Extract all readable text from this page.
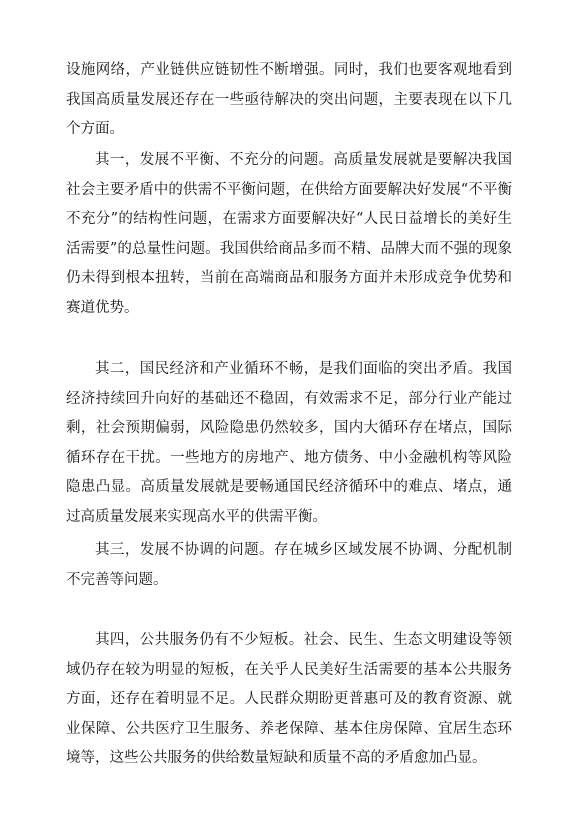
设施网络，产业链供应链韧性不断增强。同时，我们也要客观地看到我国高质量发展还存在一些亟待解决的突出问题，主要表现在以下几个方面。

其一，发展不平衡、不充分的问题。高质量发展就是要解决我国社会主要矛盾中的供需不平衡问题，在供给方面要解决好发展“不平衡不充分”的结构性问题，在需求方面要解决好“人民日益增长的美好生活需要”的总量性问题。我国供给商品多而不精、品牌大而不强的现象仍未得到根本扭转，当前在高端商品和服务方面并未形成竞争优势和赛道优势。

其二，国民经济和产业循环不畅，是我们面临的突出矛盾。我国经济持续回升向好的基础还不稳固，有效需求不足，部分行业产能过剩，社会预期偏弱，风险隐患仍然较多，国内大循环存在堵点，国际循环存在干扰。一些地方的房地产、地方债务、中小金融机构等风险隐患凸显。高质量发展就是要畅通国民经济循环中的难点、堵点，通过高质量发展来实现高水平的供需平衡。

其三，发展不协调的问题。存在城乡区域发展不协调、分配机制不完善等问题。

其四，公共服务仍有不少短板。社会、民生、生态文明建设等领域仍存在较为明显的短板，在关乎人民美好生活需要的基本公共服务方面，还存在着明显不足。人民群众期盼更普惠可及的教育资源、就业保障、公共医疗卫生服务、养老保障、基本住房保障、宜居生态环境等，这些公共服务的供给数量短缺和质量不高的矛盾愈加凸显。
